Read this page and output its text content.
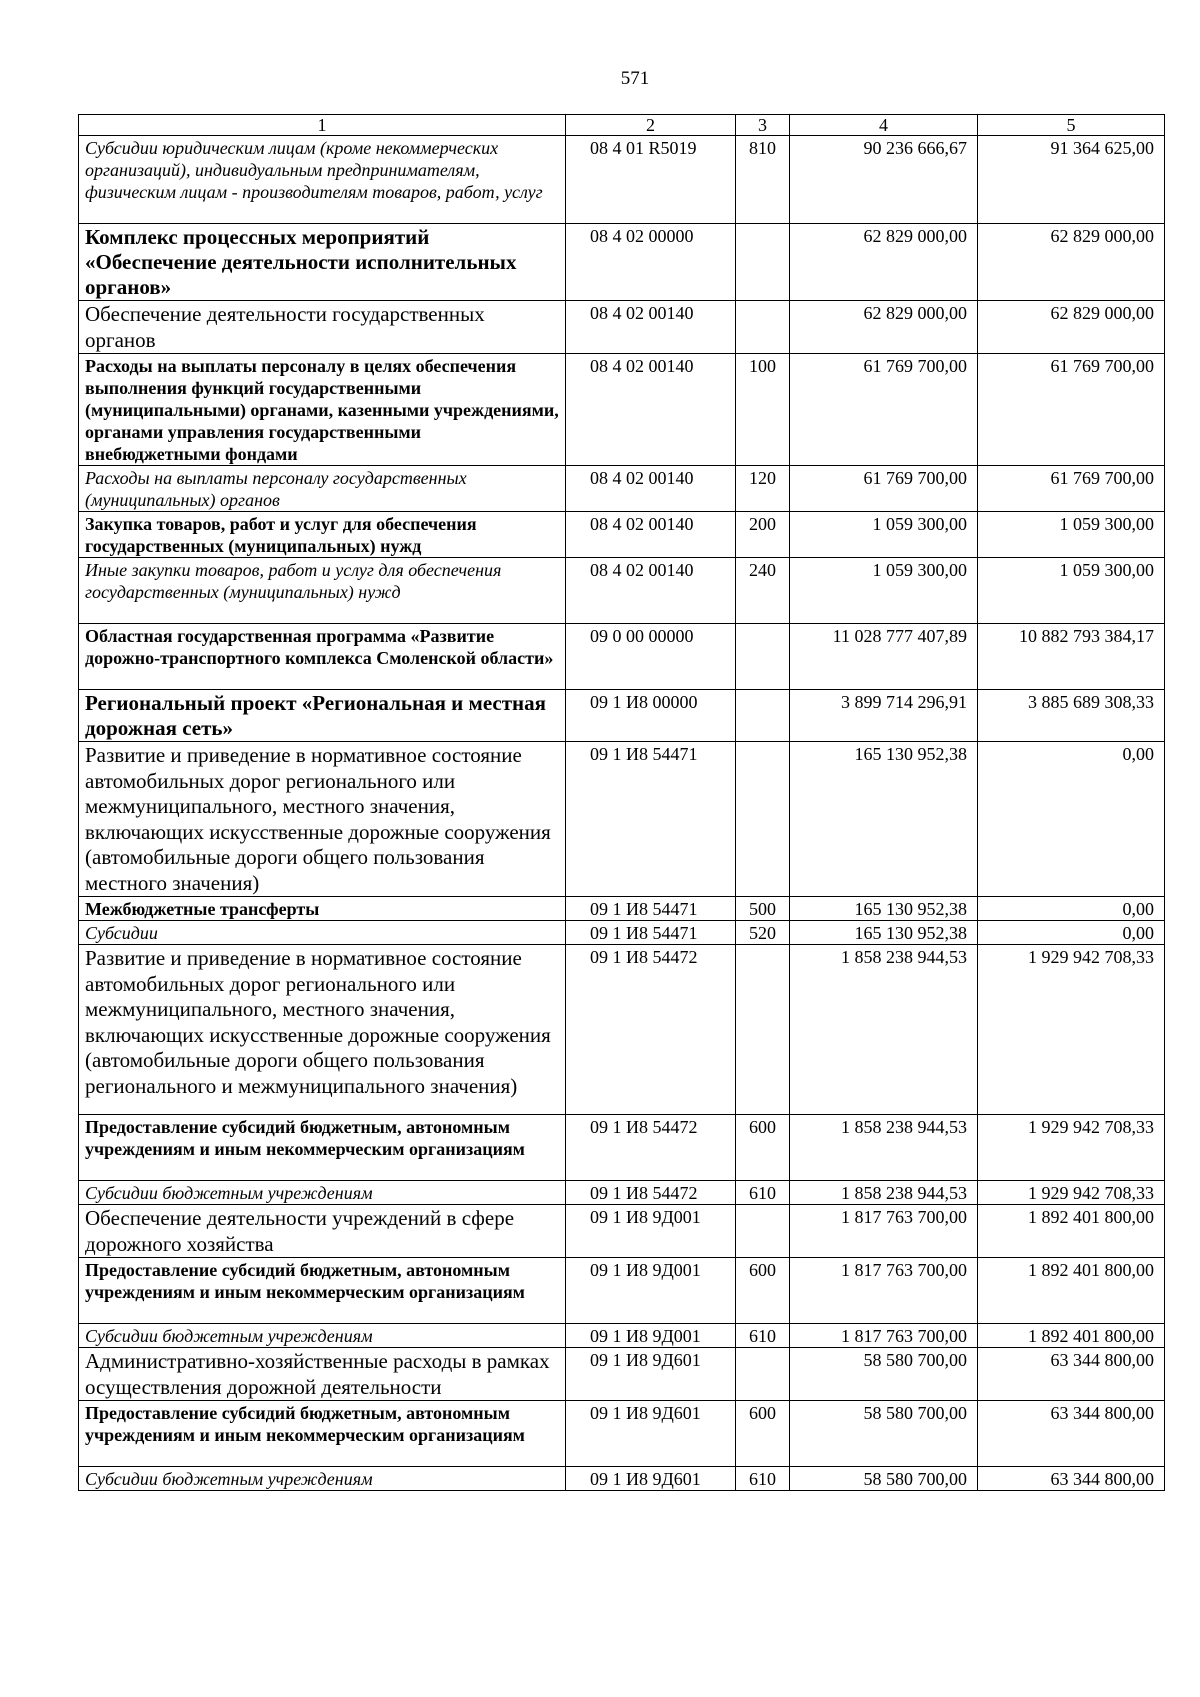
571
1	2	3	4	5
Субсидии юридическим лицам (кроме некоммерческих организаций), индивидуальным предпринимателям, физическим лицам - производителям товаров, работ, услуг	08 4 01 R5019	810	90 236 666,67	91 364 625,00
Комплекс процессных мероприятий «Обеспечение деятельности исполнительных органов»	08 4 02 00000		62 829 000,00	62 829 000,00
Обеспечение деятельности государственных органов	08 4 02 00140		62 829 000,00	62 829 000,00
Расходы на выплаты персоналу в целях обеспечения выполнения функций государственными (муниципальными) органами, казенными учреждениями, органами управления государственными внебюджетными фондами	08 4 02 00140	100	61 769 700,00	61 769 700,00
Расходы на выплаты персоналу государственных (муниципальных) органов	08 4 02 00140	120	61 769 700,00	61 769 700,00
Закупка товаров, работ и услуг для обеспечения государственных (муниципальных) нужд	08 4 02 00140	200	1 059 300,00	1 059 300,00
Иные закупки товаров, работ и услуг для обеспечения государственных (муниципальных) нужд	08 4 02 00140	240	1 059 300,00	1 059 300,00
Областная государственная программа «Развитие дорожно-транспортного комплекса Смоленской области»	09 0 00 00000		11 028 777 407,89	10 882 793 384,17
Региональный проект «Региональная и местная дорожная сеть»	09 1 И8 00000		3 899 714 296,91	3 885 689 308,33
Развитие и приведение в нормативное состояние автомобильных дорог регионального или межмуниципального, местного значения, включающих искусственные дорожные сооружения (автомобильные дороги общего пользования местного значения)	09 1 И8 54471		165 130 952,38	0,00
Межбюджетные трансферты	09 1 И8 54471	500	165 130 952,38	0,00
Субсидии	09 1 И8 54471	520	165 130 952,38	0,00
Развитие и приведение в нормативное состояние автомобильных дорог регионального или межмуниципального, местного значения, включающих искусственные дорожные сооружения (автомобильные дороги общего пользования регионального и межмуниципального значения)	09 1 И8 54472		1 858 238 944,53	1 929 942 708,33
Предоставление субсидий бюджетным, автономным учреждениям и иным некоммерческим организациям	09 1 И8 54472	600	1 858 238 944,53	1 929 942 708,33
Субсидии бюджетным учреждениям	09 1 И8 54472	610	1 858 238 944,53	1 929 942 708,33
Обеспечение деятельности учреждений в сфере дорожного хозяйства	09 1 И8 9Д001		1 817 763 700,00	1 892 401 800,00
Предоставление субсидий бюджетным, автономным учреждениям и иным некоммерческим организациям	09 1 И8 9Д001	600	1 817 763 700,00	1 892 401 800,00
Субсидии бюджетным учреждениям	09 1 И8 9Д001	610	1 817 763 700,00	1 892 401 800,00
Административно-хозяйственные расходы в рамках осуществления дорожной деятельности	09 1 И8 9Д601		58 580 700,00	63 344 800,00
Предоставление субсидий бюджетным, автономным учреждениям и иным некоммерческим организациям	09 1 И8 9Д601	600	58 580 700,00	63 344 800,00
Субсидии бюджетным учреждениям	09 1 И8 9Д601	610	58 580 700,00	63 344 800,00
